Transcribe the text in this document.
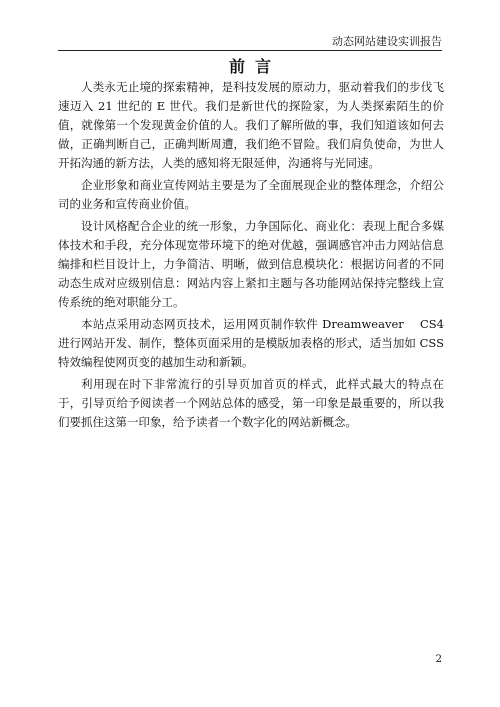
动态网站建设实训报告
前言

人类永无止境的探索精神，是科技发展的原动力，驱动着我们的步伐飞速迈入 21 世纪的 E 世代。我们是新世代的探险家，为人类探索陌生的价值，就像第一个发现黄金价值的人。我们了解所做的事，我们知道该如何去做，正确判断自己，正确判断周遭，我们绝不冒险。我们肩负使命，为世人开拓沟通的新方法，人类的感知将无限延伸，沟通将与光同速。

企业形象和商业宣传网站主要是为了全面展现企业的整体理念，介绍公司的业务和宣传商业价值。

设计风格配合企业的统一形象，力争国际化、商业化：表现上配合多媒体技术和手段，充分体现宽带环境下的绝对优越，强调感官冲击力网站信息编排和栏目设计上，力争简洁、明晰，做到信息模块化：根据访问者的不同动态生成对应级别信息：网站内容上紧扣主题与各功能网站保持完整线上宣传系统的绝对职能分工。

本站点采用动态网页技术，运用网页制作软件 Dreamweaver　 CS4 进行网站开发、制作，整体页面采用的是模版加表格的形式，适当加如 CSS 特效编程使网页变的越加生动和新颖。

利用现在时下非常流行的引导页加首页的样式，此样式最大的特点在于，引导页给予阅读者一个网站总体的感受，第一印象是最重要的，所以我们要抓住这第一印象，给予读者一个数字化的网站新概念。

2
